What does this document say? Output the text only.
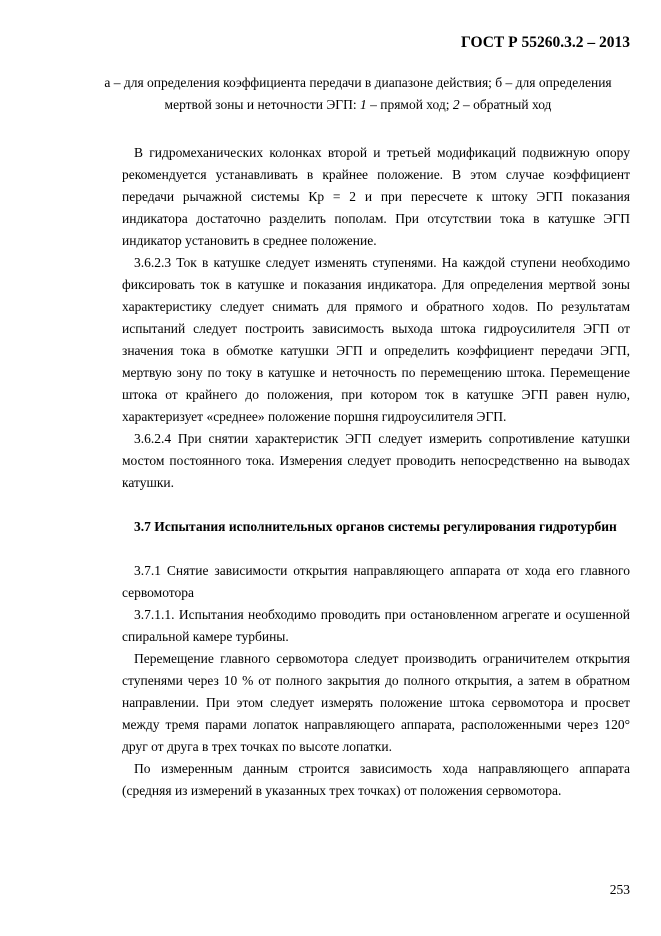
ГОСТ Р 55260.3.2 – 2013
а – для определения коэффициента передачи в диапазоне действия; б – для определения
мертвой зоны и неточности ЭГП: 1 – прямой ход; 2 – обратный ход

В гидромеханических колонках второй и третьей модификаций подвижную опору рекомендуется устанавливать в крайнее положение. В этом случае коэффициент передачи рычажной системы Кр = 2 и при пересчете к штоку ЭГП показания индикатора достаточно разделить пополам. При отсутствии тока в катушке ЭГП индикатор установить в среднее положение.

3.6.2.3 Ток в катушке следует изменять ступенями. На каждой ступени необходимо фиксировать ток в катушке и показания индикатора. Для определения мертвой зоны характеристику следует снимать для прямого и обратного ходов. По результатам испытаний следует построить зависимость выхода штока гидроусилителя ЭГП от значения тока в обмотке катушки ЭГП и определить коэффициент передачи ЭГП, мертвую зону по току в катушке и неточность по перемещению штока. Перемещение штока от крайнего до положения, при котором ток в катушке ЭГП равен нулю, характеризует «среднее» положение поршня гидроусилителя ЭГП.

3.6.2.4 При снятии характеристик ЭГП следует измерить сопротивление катушки мостом постоянного тока. Измерения следует проводить непосредственно на выводах катушки.

3.7 Испытания исполнительных органов системы регулирования гидротурбин

3.7.1 Снятие зависимости открытия направляющего аппарата от хода его главного сервомотора

3.7.1.1. Испытания необходимо проводить при остановленном агрегате и осушенной спиральной камере турбины.

Перемещение главного сервомотора следует производить ограничителем открытия ступенями через 10 % от полного закрытия до полного открытия, а затем в обратном направлении. При этом следует измерять положение штока сервомотора и просвет между тремя парами лопаток направляющего аппарата, расположенными через 120° друг от друга в трех точках по высоте лопатки.

По измеренным данным строится зависимость хода направляющего аппарата (средняя из измерений в указанных трех точках) от положения сервомотора.

253
